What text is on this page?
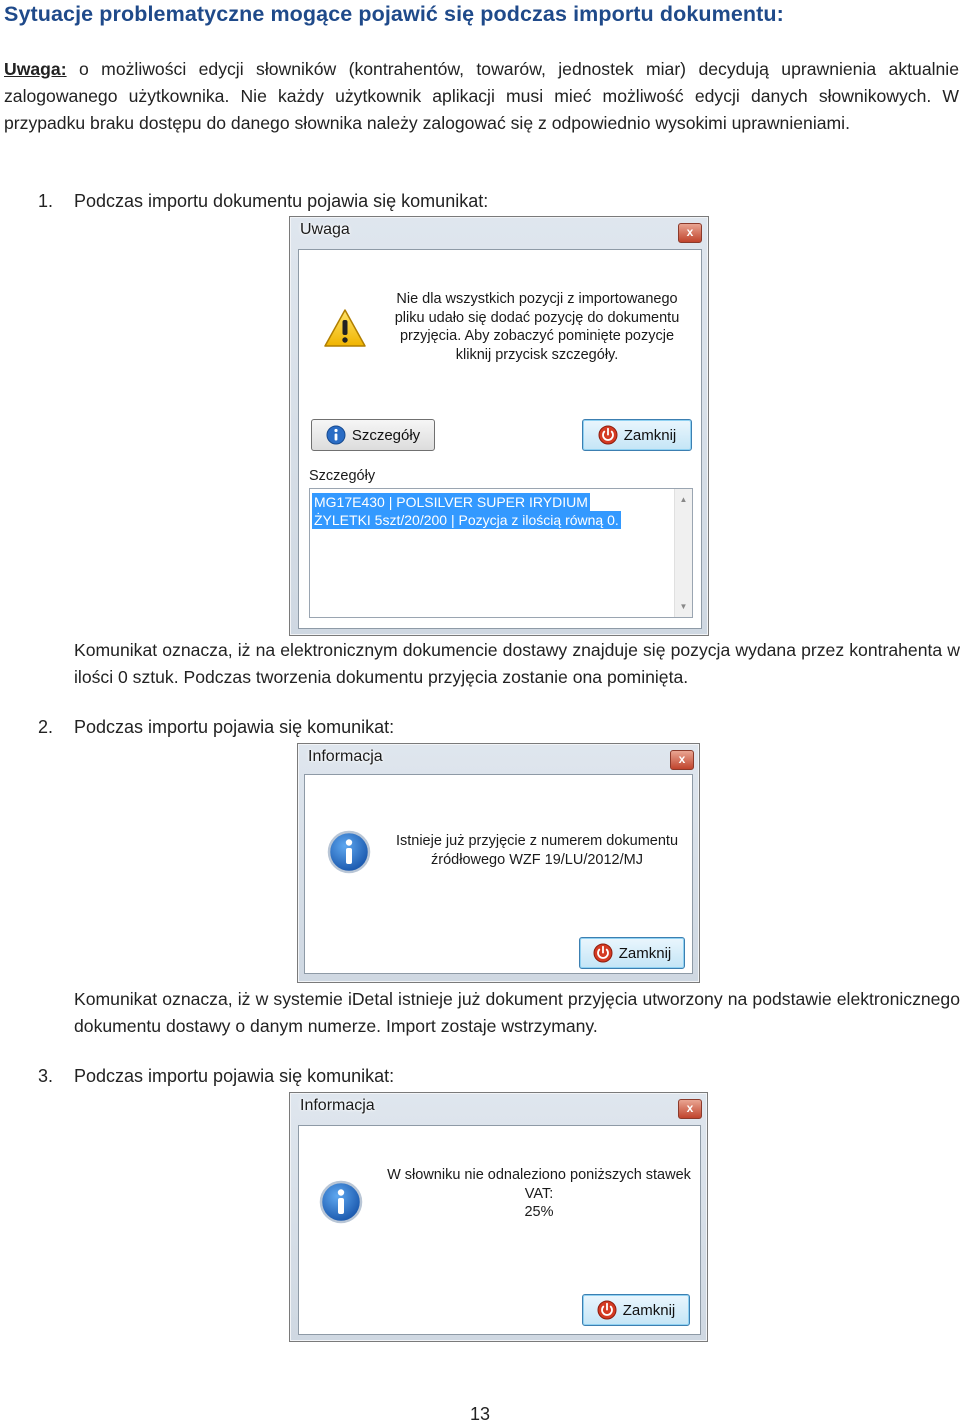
Sytuacje problematyczne mogące pojawić się podczas importu dokumentu:
Uwaga: o możliwości edycji słowników (kontrahentów, towarów, jednostek miar) decydują uprawnienia aktualnie zalogowanego użytkownika. Nie każdy użytkownik aplikacji musi mieć możliwość edycji danych słownikowych. W przypadku braku dostępu do danego słownika należy zalogować się z odpowiednio wysokimi uprawnieniami.
1. Podczas importu dokumentu pojawia się komunikat:
Uwaga	x
Nie dla wszystkich pozycji z importowanego
pliku udało się dodać pozycję do dokumentu
przyjęcia. Aby zobaczyć pominięte pozycje
kliknij przycisk szczegóły.
Szczegóły	Zamknij
Szczegóły
MG17E430 | POLSILVER SUPER IRYDIUM
ŻYLETKI 5szt/20/200 | Pozycja z ilością równą 0.
▲
▼
Komunikat oznacza, iż na elektronicznym dokumencie dostawy znajduje się pozycja wydana przez kontrahenta w ilości 0 sztuk. Podczas tworzenia dokumentu przyjęcia zostanie ona pominięta.
2. Podczas importu pojawia się komunikat:
Informacja	x
Istnieje już przyjęcie z numerem dokumentu
źródłowego WZF 19/LU/2012/MJ
Zamknij
Komunikat oznacza, iż w systemie iDetal istnieje już dokument przyjęcia utworzony na podstawie elektronicznego dokumentu dostawy o danym numerze. Import zostaje wstrzymany.
3. Podczas importu pojawia się komunikat:
Informacja	x
W słowniku nie odnaleziono poniższych stawek
VAT:
25%
Zamknij
13
